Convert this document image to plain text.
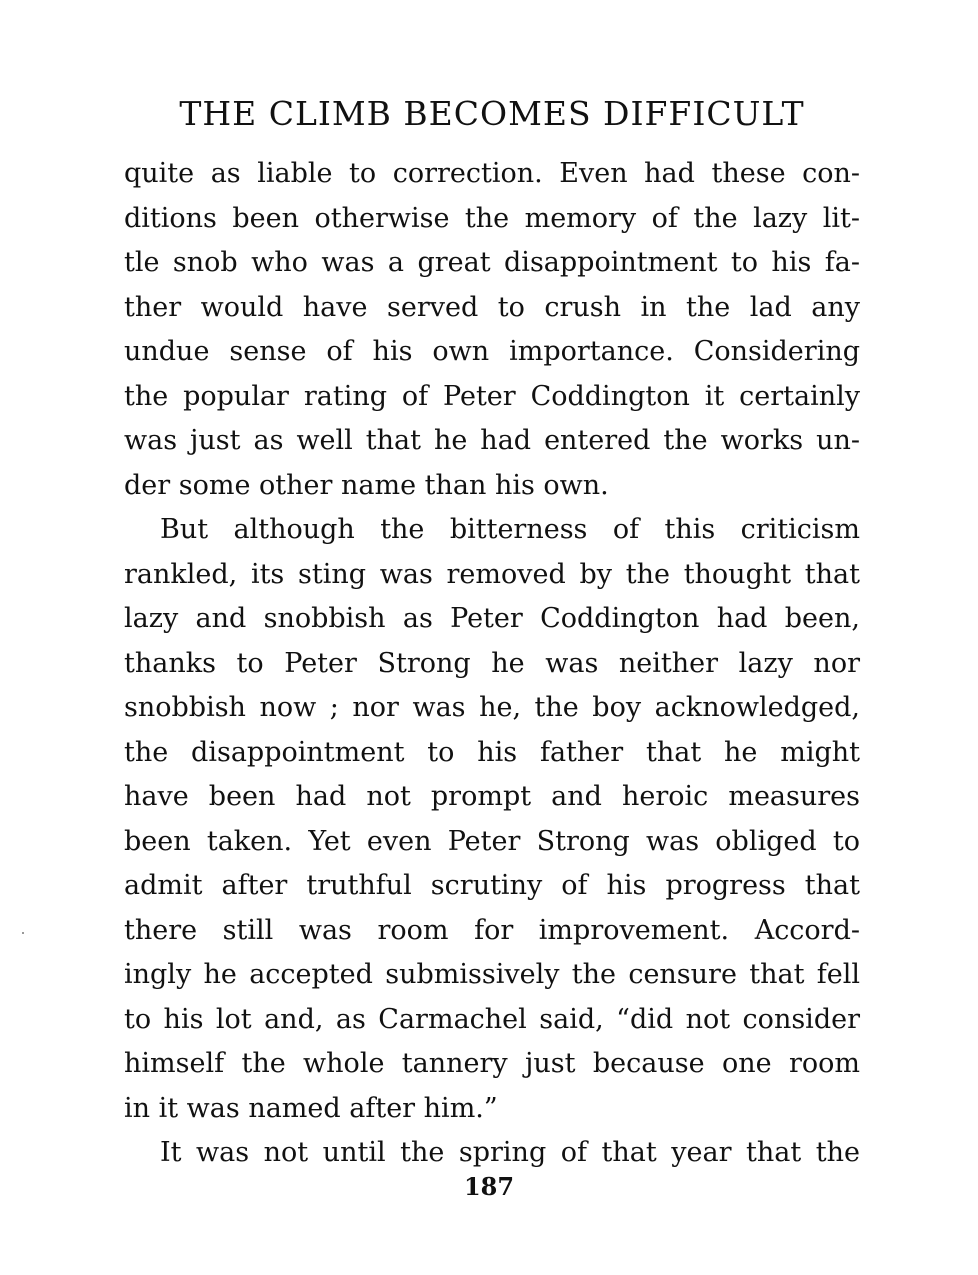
THE CLIMB BECOMES DIFFICULT
quite as liable to correction. Even had these con-
ditions been otherwise the memory of the lazy lit-
tle snob who was a great disappointment to his fa-
ther would have served to crush in the lad any
undue sense of his own importance. Considering
the popular rating of Peter Coddington it certainly
was just as well that he had entered the works un-
der some other name than his own.
But although the bitterness of this criticism
rankled, its sting was removed by the thought that
lazy and snobbish as Peter Coddington had been,
thanks to Peter Strong he was neither lazy nor
snobbish now ; nor was he, the boy acknowledged,
the disappointment to his father that he might
have been had not prompt and heroic measures
been taken. Yet even Peter Strong was obliged to
admit after truthful scrutiny of his progress that
there still was room for improvement. Accord-
ingly he accepted submissively the censure that fell
to his lot and, as Carmachel said, “did not consider
himself the whole tannery just because one room
in it was named after him.”
It was not until the spring of that year that the
187
